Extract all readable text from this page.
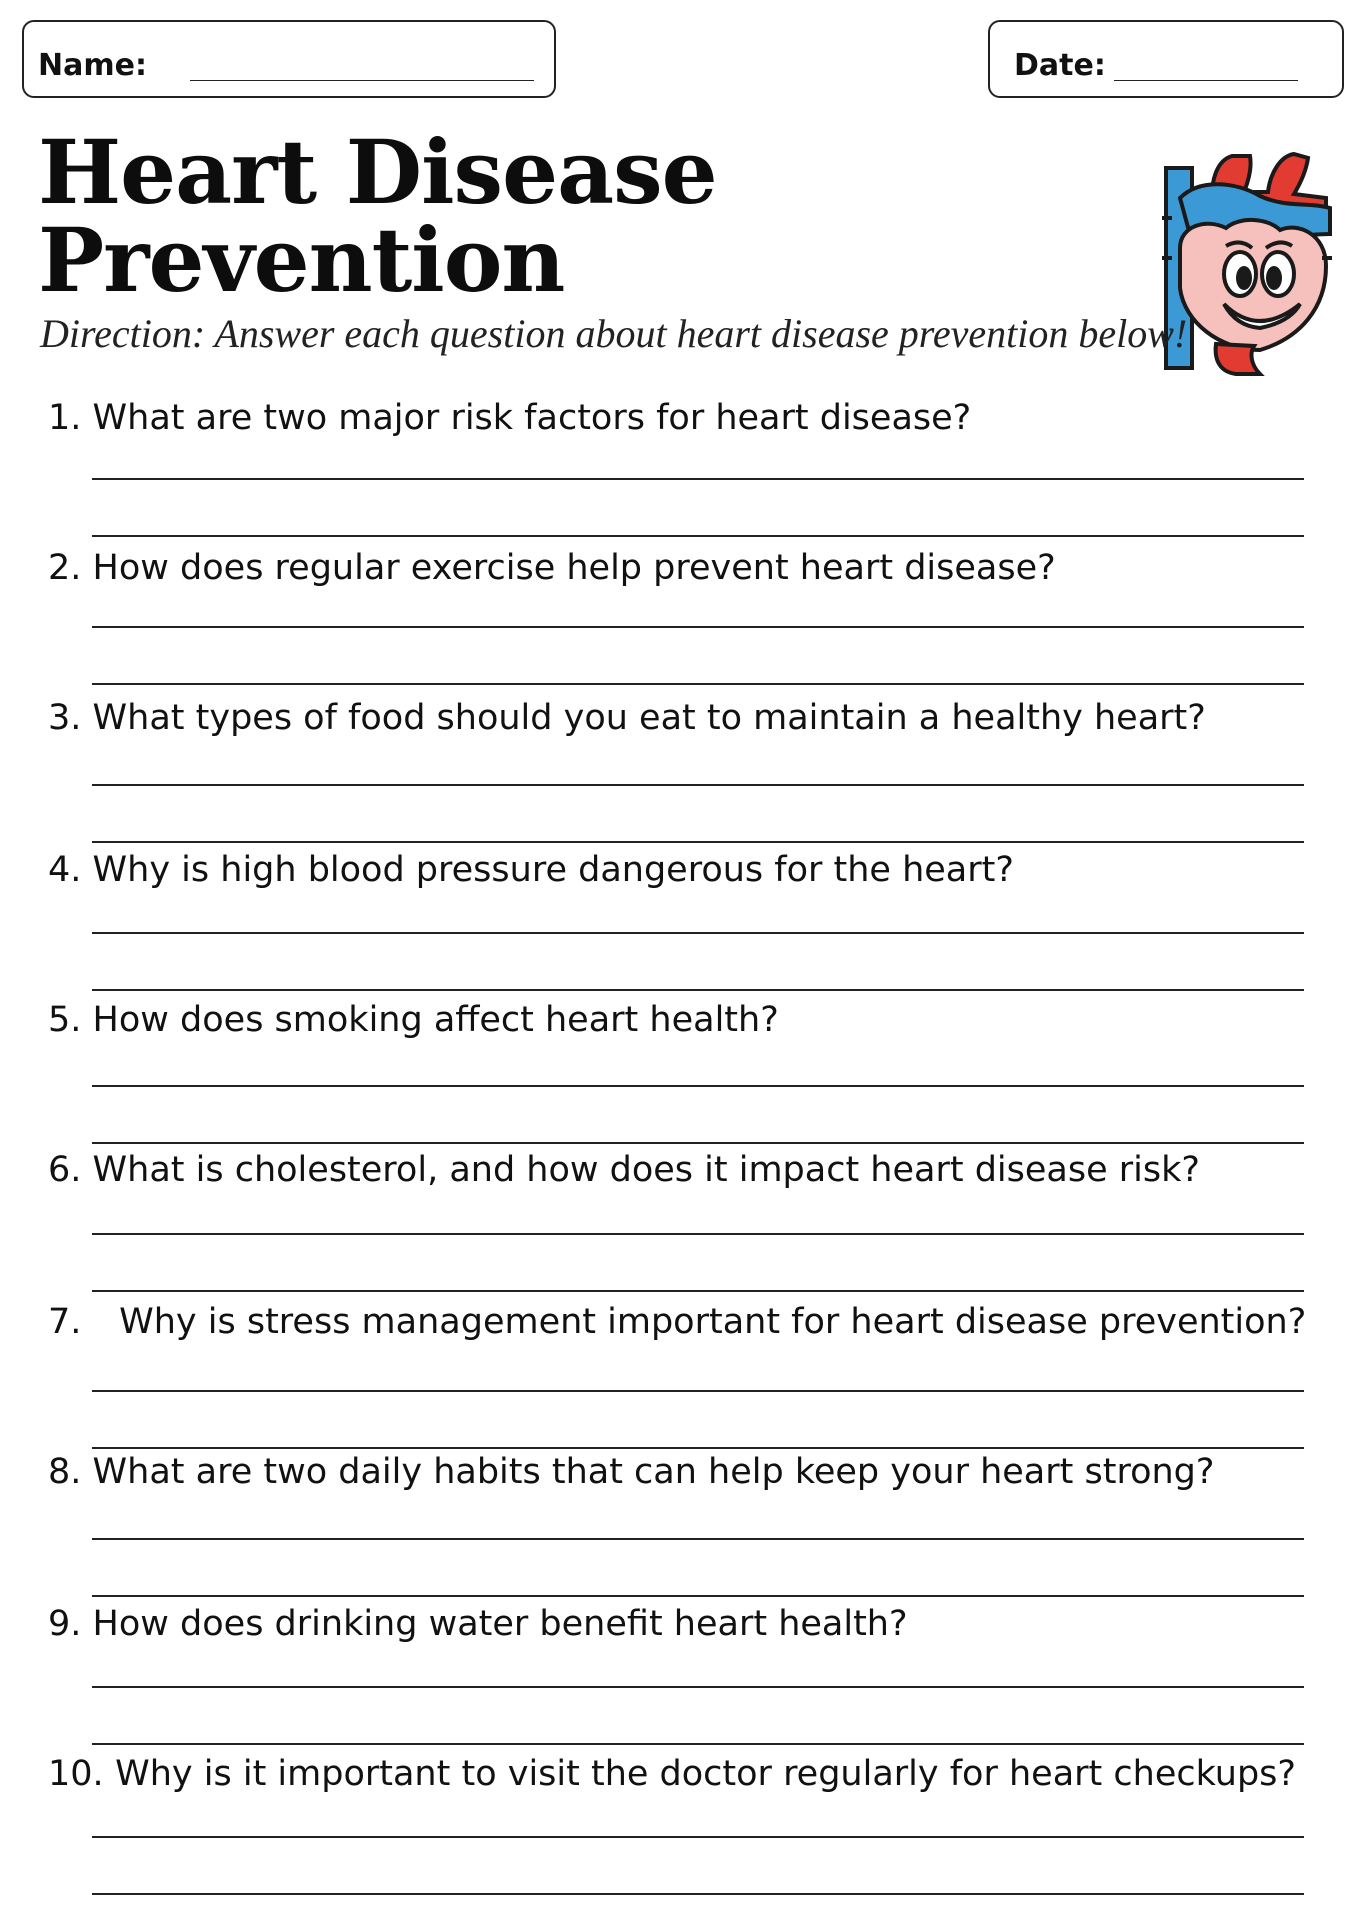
Name:	Date:
Heart Disease
Prevention
Direction: Answer each question about heart disease prevention below!
1. What are two major risk factors for heart disease?
2. How does regular exercise help prevent heart disease?
3. What types of food should you eat to maintain a healthy heart?
4. Why is high blood pressure dangerous for the heart?
5. How does smoking affect heart health?
6. What is cholesterol, and how does it impact heart disease risk?
7. Why is stress management important for heart disease prevention?
8. What are two daily habits that can help keep your heart strong?
9. How does drinking water benefit heart health?
10. Why is it important to visit the doctor regularly for heart checkups?
